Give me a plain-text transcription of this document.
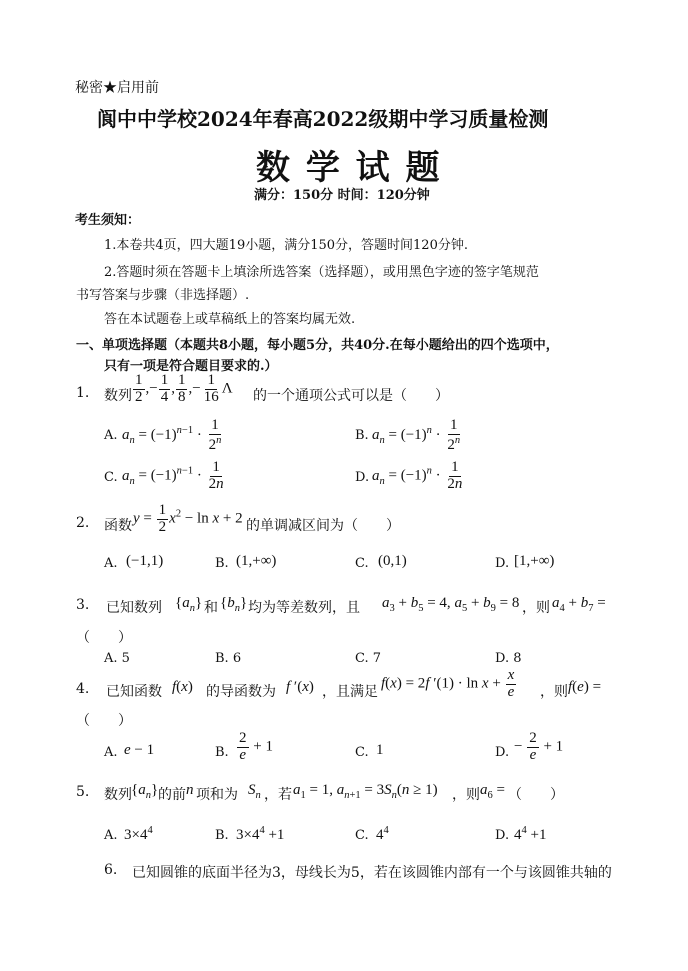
秘密★启用前
阆中中学校2024年春高2022级期中学习质量检测
数 学 试 题
满分：150分 时间：120分钟
考生须知：
1.本卷共4页，四大题19小题，满分150分，答题时间120分钟.
2.答题时须在答题卡上填涂所选答案（选择题），或用黑色字迹的签字笔规范
书写答案与步骤（非选择题）.
答在本试题卷上或草稿纸上的答案均属无效.
一、单项选择题（本题共8小题，每小题5分，共40分.在每小题给出的四个选项中，
只有一项是符合题目要求的.）
1. 数列 $\frac{1}{2}$ ,− $\frac{1}{4}$ , $\frac{1}{8}$ ,− $\frac{1}{16}$ Λ 的一个通项公式可以是（　　）
A. $a_n = (-1)^{n-1} \cdot \frac{1}{2^n}$	B. $a_n = (-1)^n \cdot \frac{1}{2^n}$
C. $a_n = (-1)^{n-1} \cdot \frac{1}{2n}$	D. $a_n = (-1)^n \cdot \frac{1}{2n}$
2. 函数 $y = \frac{1}{2} x^2 - \ln x + 2$ 的单调减区间为（　　）
A. (−1,1)	B. (1,+∞)	C. (0,1)	D. [1,+∞)
3. 已知数列 $\{a_n\}$ 和 $\{b_n\}$ 均为等差数列，且 $a_3 + b_5 = 4$, $a_5 + b_9 = 8$ ，则 $a_4 + b_7$ =
（　　）
A. 5	B. 6	C. 7	D. 8
4. 已知函数 f(x) 的导函数为 f ′(x) ，且满足
f(x) = 2f $'(1) \cdot \ln x + \frac{x}{e}$ ，则 f(e) =
（　　）
A. e − 1	B. $\frac{2}{e} + 1$	C. 1	D. − $\frac{2}{e} + 1$
5. 数列 $\{a_n\}$ 的前 n 项和为 $S_n$ ，若 $a_1 = 1$, $a_{n+1} = 3S_n(n \ge 1)$ ，则 $a_6$ = （　　）
A. $3\times 4^4$	B. $3\times 4^4 +1$	C. $4^4$	D. $4^4 +1$
6. 已知圆锥的底面半径为3，母线长为5，若在该圆锥内部有一个与该圆锥共轴的
